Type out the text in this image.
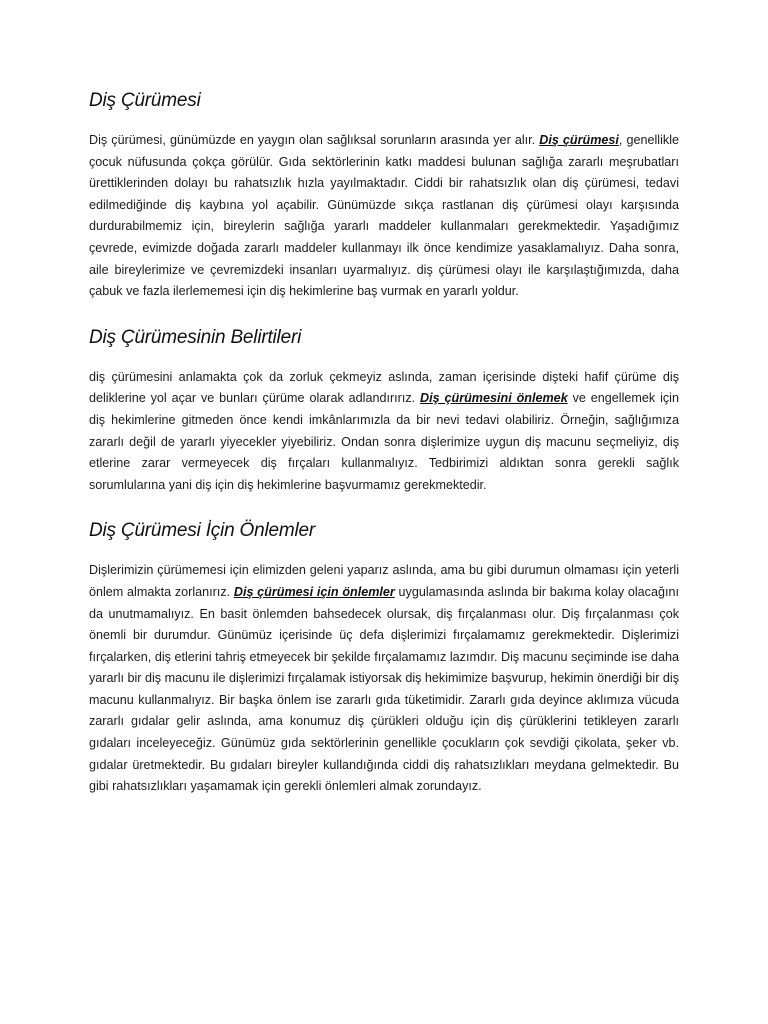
Diş Çürümesi

Diş çürümesi, günümüzde en yaygın olan sağlıksal sorunların arasında yer alır. Diş çürümesi, genellikle çocuk nüfusunda çokça görülür. Gıda sektörlerinin katkı maddesi bulunan sağlığa zararlı meşrubatları ürettiklerinden dolayı bu rahatsızlık hızla yayılmaktadır. Ciddi bir rahatsızlık olan diş çürümesi, tedavi edilmediğinde diş kaybına yol açabilir. Günümüzde sıkça rastlanan diş çürümesi olayı karşısında durdurabilmemiz için, bireylerin sağlığa yararlı maddeler kullanmaları gerekmektedir. Yaşadığımız çevrede, evimizde doğada zararlı maddeler kullanmayı ilk önce kendimize yasaklamalıyız. Daha sonra, aile bireylerimize ve çevremizdeki insanları uyarmalıyız. diş çürümesi olayı ile karşılaştığımızda, daha çabuk ve fazla ilerlememesi için diş hekimlerine baş vurmak en yararlı yoldur.

Diş Çürümesinin Belirtileri

diş çürümesini anlamakta çok da zorluk çekmeyiz aslında, zaman içerisinde dişteki hafif çürüme diş deliklerine yol açar ve bunları çürüme olarak adlandırırız. Diş çürümesini önlemek ve engellemek için diş hekimlerine gitmeden önce kendi imkânlarımızla da bir nevi tedavi olabiliriz. Örneğin, sağlığımıza zararlı değil de yararlı yiyecekler yiyebiliriz. Ondan sonra dişlerimize uygun diş macunu seçmeliyiz, diş etlerine zarar vermeyecek diş fırçaları kullanmalıyız. Tedbirimizi aldıktan sonra gerekli sağlık sorumlularına yani diş için diş hekimlerine başvurmamız gerekmektedir.

Diş Çürümesi İçin Önlemler

Dişlerimizin çürümemesi için elimizden geleni yaparız aslında, ama bu gibi durumun olmaması için yeterli önlem almakta zorlanırız. Diş çürümesi için önlemler uygulamasında aslında bir bakıma kolay olacağını da unutmamalıyız. En basit önlemden bahsedecek olursak, diş fırçalanması olur. Diş fırçalanması çok önemli bir durumdur. Günümüz içerisinde üç defa dişlerimizi fırçalamamız gerekmektedir. Dişlerimizi fırçalarken, diş etlerini tahriş etmeyecek bir şekilde fırçalamamız lazımdır. Diş macunu seçiminde ise daha yararlı bir diş macunu ile dişlerimizi fırçalamak istiyorsak diş hekimimize başvurup, hekimin önerdiği bir diş macunu kullanmalıyız. Bir başka önlem ise zararlı gıda tüketimidir. Zararlı gıda deyince aklımıza vücuda zararlı gıdalar gelir aslında, ama konumuz diş çürükleri olduğu için diş çürüklerini tetikleyen zararlı gıdaları inceleyeceğiz. Günümüz gıda sektörlerinin genellikle çocukların çok sevdiği çikolata, şeker vb. gıdalar üretmektedir. Bu gıdaları bireyler kullandığında ciddi diş rahatsızlıkları meydana gelmektedir. Bu gibi rahatsızlıkları yaşamamak için gerekli önlemleri almak zorundayız.
